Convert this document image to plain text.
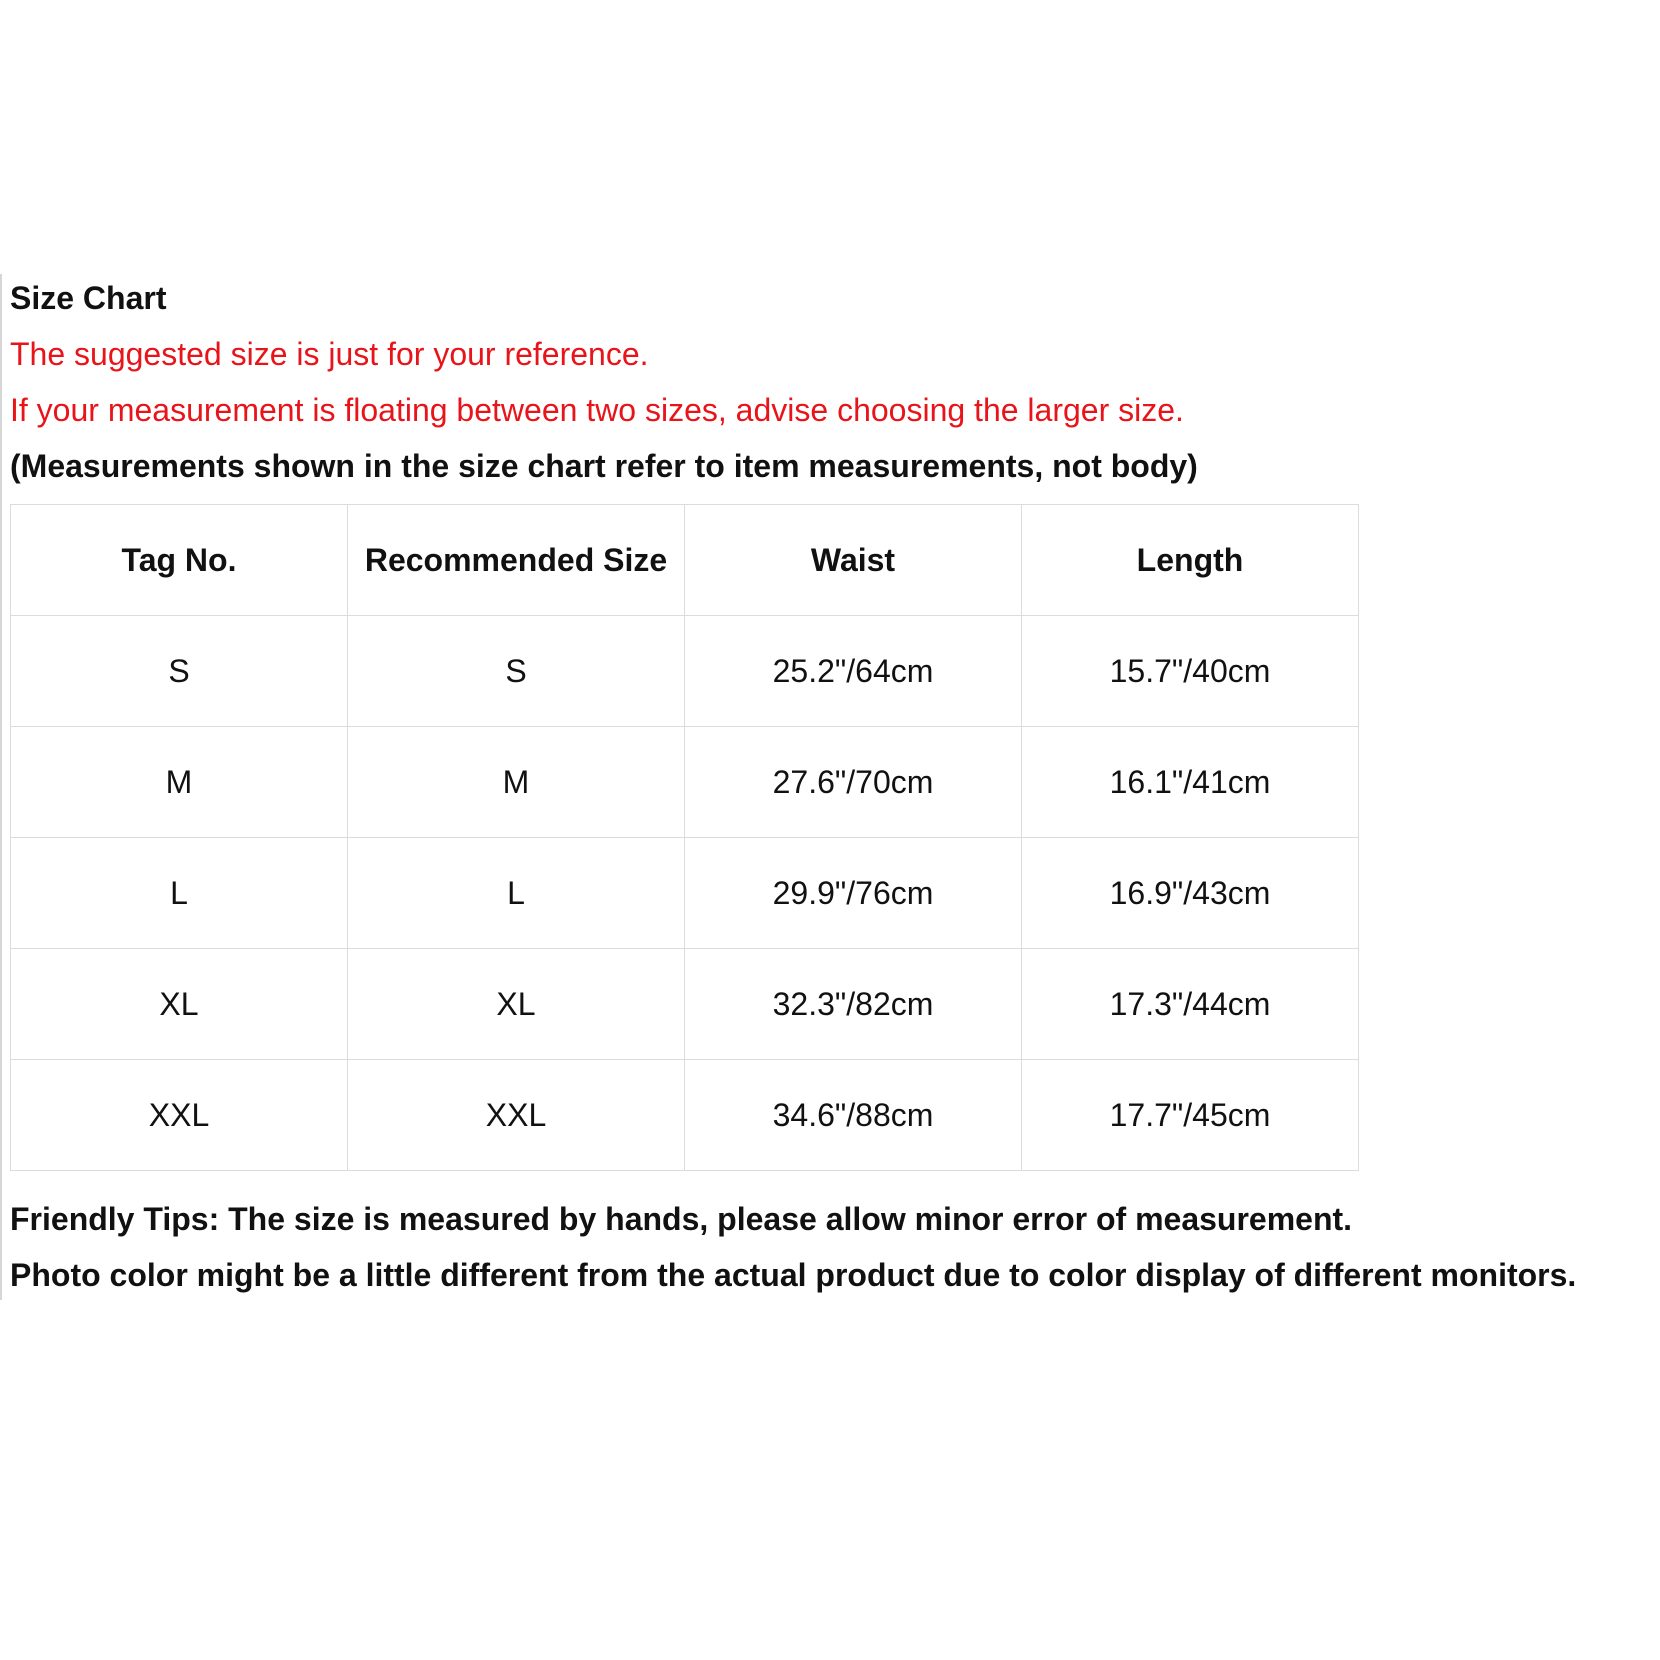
Size Chart
The suggested size is just for your reference.
If your measurement is floating between two sizes, advise choosing the larger size.
(Measurements shown in the size chart refer to item measurements, not body)
Tag No.	Recommended Size	Waist	Length
S	S	25.2"/64cm	15.7"/40cm
M	M	27.6"/70cm	16.1"/41cm
L	L	29.9"/76cm	16.9"/43cm
XL	XL	32.3"/82cm	17.3"/44cm
XXL	XXL	34.6"/88cm	17.7"/45cm
Friendly Tips: The size is measured by hands, please allow minor error of measurement.
Photo color might be a little different from the actual product due to color display of different monitors.
